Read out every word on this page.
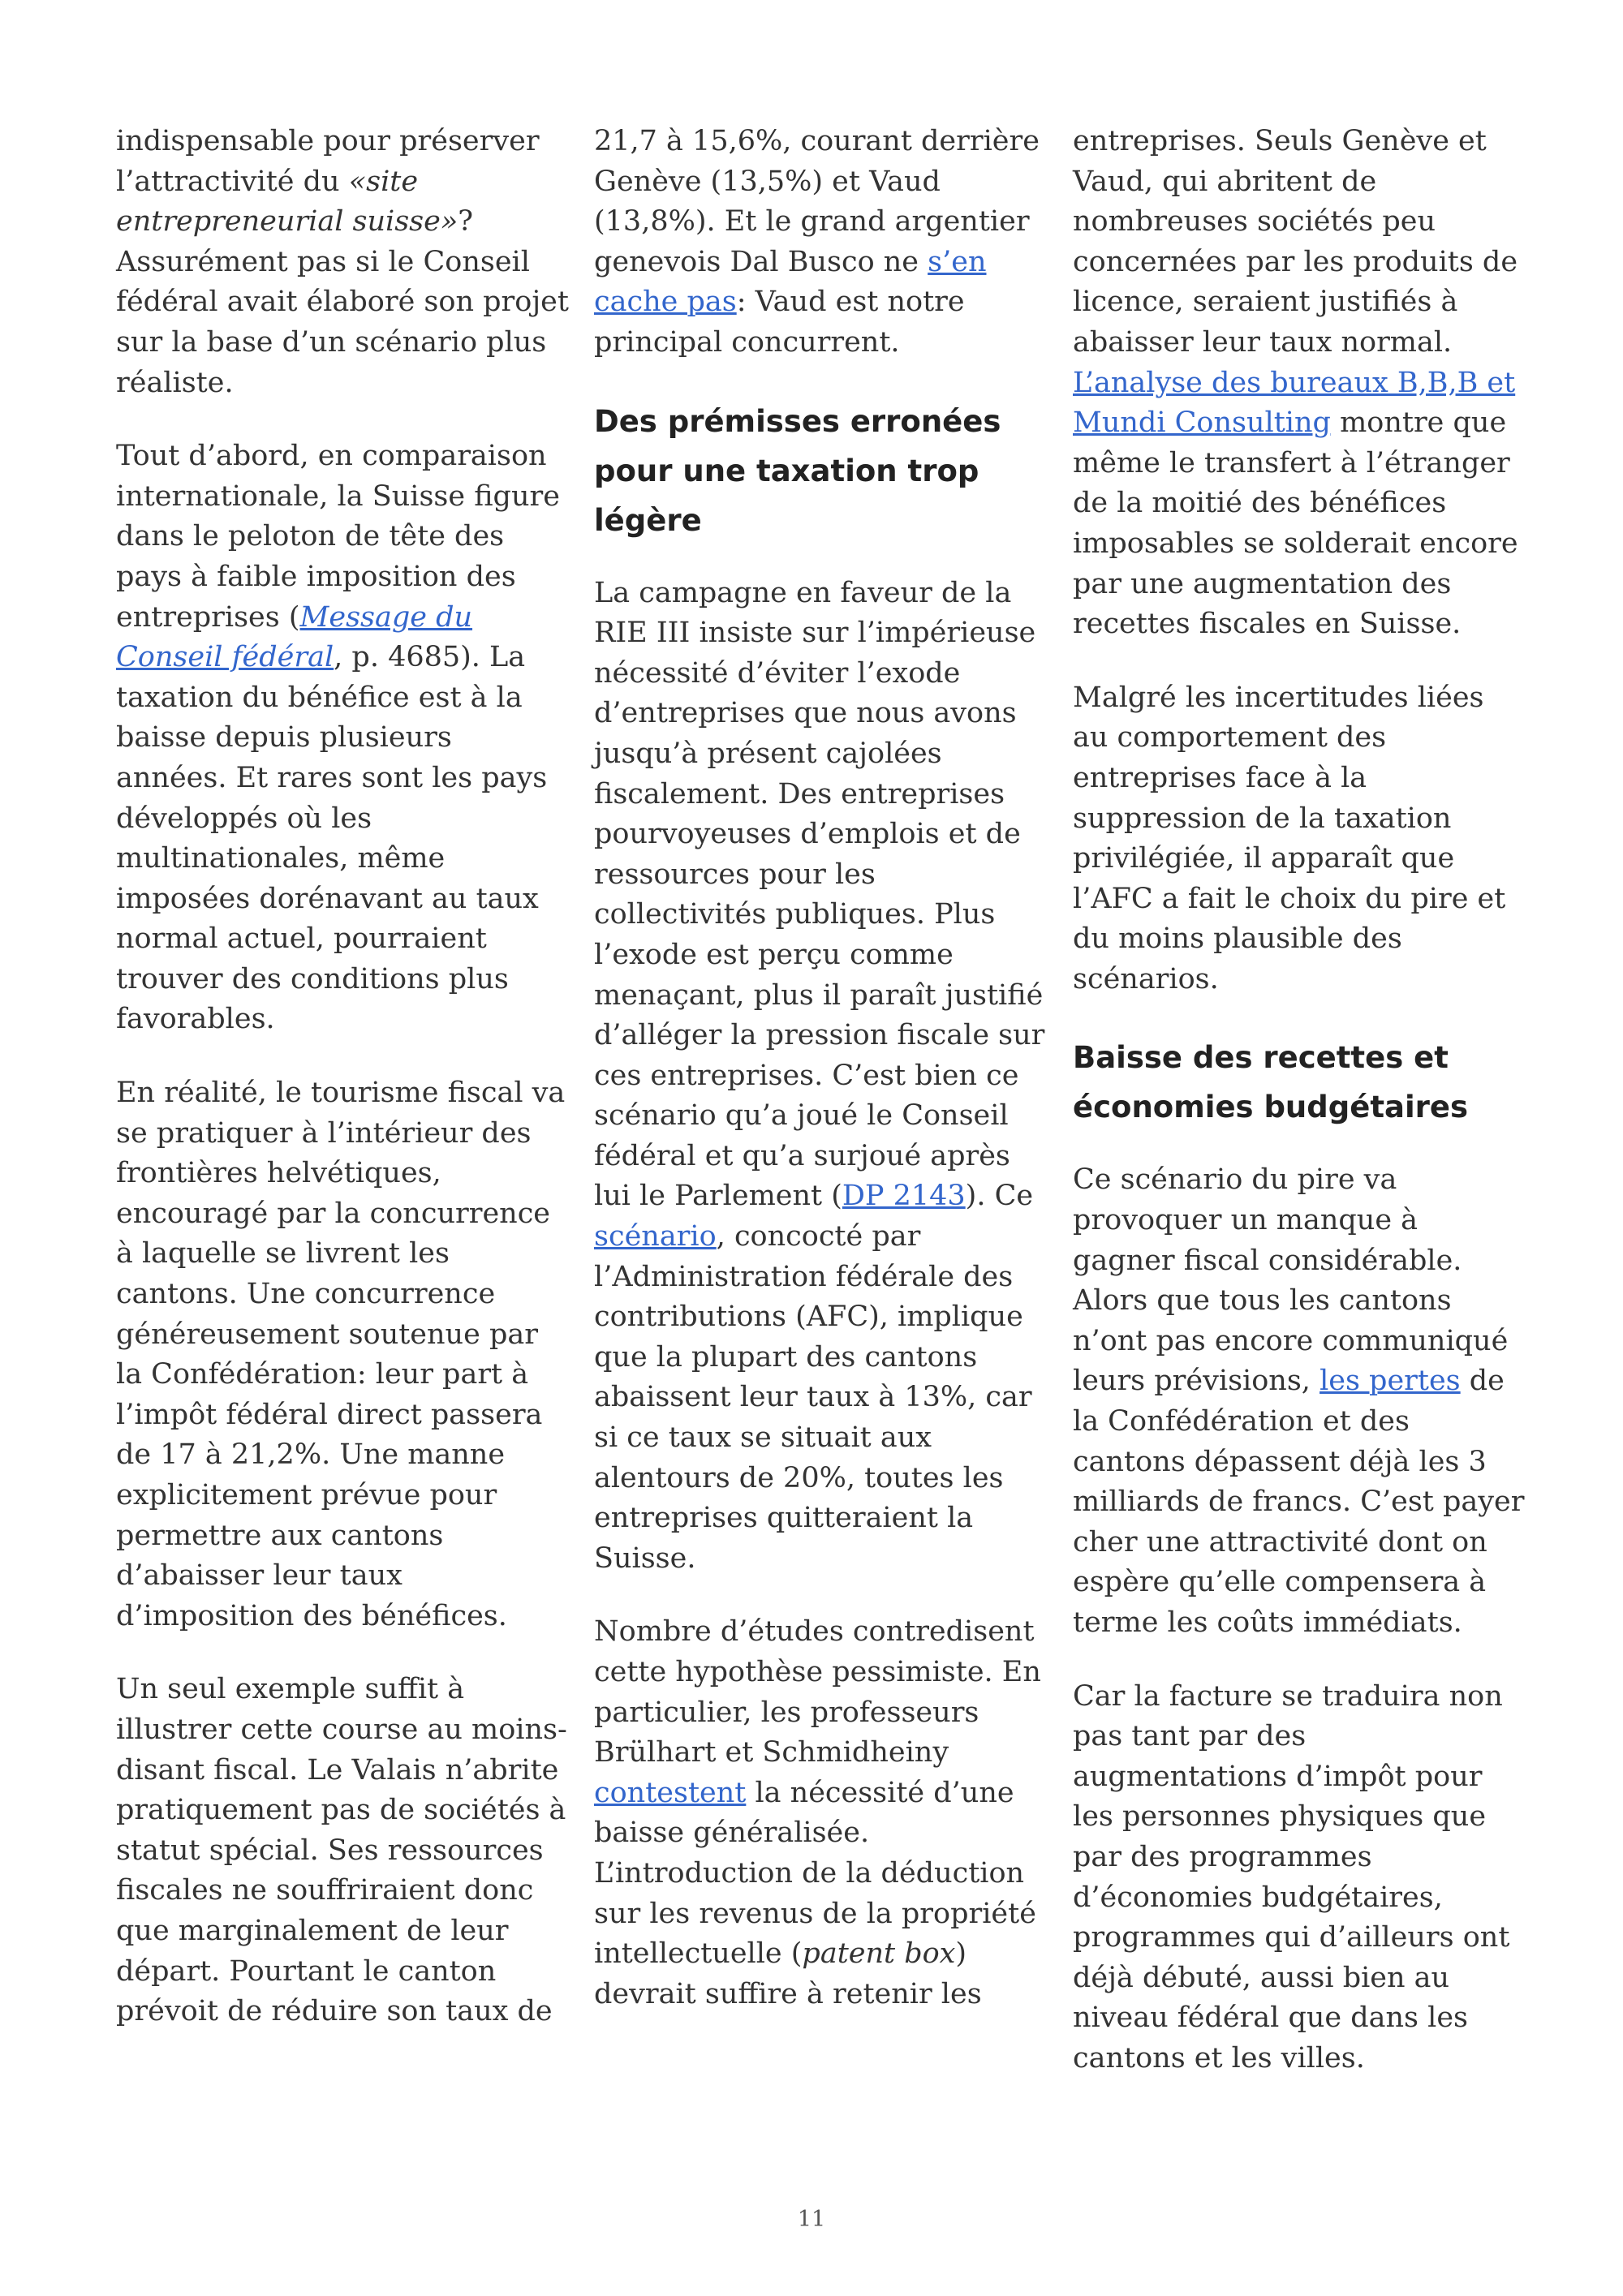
indispensable pour préserver l’attractivité du «site entrepreneurial suisse»? Assurément pas si le Conseil fédéral avait élaboré son projet sur la base d’un scénario plus réaliste.

Tout d’abord, en comparaison internationale, la Suisse figure dans le peloton de tête des pays à faible imposition des entreprises (Message du Conseil fédéral, p. 4685). La taxation du bénéfice est à la baisse depuis plusieurs années. Et rares sont les pays développés où les multinationales, même imposées dorénavant au taux normal actuel, pourraient trouver des conditions plus favorables.

En réalité, le tourisme fiscal va se pratiquer à l’intérieur des frontières helvétiques, encouragé par la concurrence à laquelle se livrent les cantons. Une concurrence généreusement soutenue par la Confédération: leur part à l’impôt fédéral direct passera de 17 à 21,2%. Une manne explicitement prévue pour permettre aux cantons d’abaisser leur taux d’imposition des bénéfices.

Un seul exemple suffit à illustrer cette course au moins-disant fiscal. Le Valais n’abrite pratiquement pas de sociétés à statut spécial. Ses ressources fiscales ne souffriraient donc que marginalement de leur départ. Pourtant le canton prévoit de réduire son taux de

21,7 à 15,6%, courant derrière Genève (13,5%) et Vaud (13,8%). Et le grand argentier genevois Dal Busco ne s’en cache pas: Vaud est notre principal concurrent.

Des prémisses erronées pour une taxation trop légère

La campagne en faveur de la RIE III insiste sur l’impérieuse nécessité d’éviter l’exode d’entreprises que nous avons jusqu’à présent cajolées fiscalement. Des entreprises pourvoyeuses d’emplois et de ressources pour les collectivités publiques. Plus l’exode est perçu comme menaçant, plus il paraît justifié d’alléger la pression fiscale sur ces entreprises. C’est bien ce scénario qu’a joué le Conseil fédéral et qu’a surjoué après lui le Parlement (DP 2143). Ce scénario, concocté par l’Administration fédérale des contributions (AFC), implique que la plupart des cantons abaissent leur taux à 13%, car si ce taux se situait aux alentours de 20%, toutes les entreprises quitteraient la Suisse.

Nombre d’études contredisent cette hypothèse pessimiste. En particulier, les professeurs Brülhart et Schmidheiny contestent la nécessité d’une baisse généralisée. L’introduction de la déduction sur les revenus de la propriété intellectuelle (patent box) devrait suffire à retenir les

entreprises. Seuls Genève et Vaud, qui abritent de nombreuses sociétés peu concernées par les produits de licence, seraient justifiés à abaisser leur taux normal. L’analyse des bureaux B,B,B et Mundi Consulting montre que même le transfert à l’étranger de la moitié des bénéfices imposables se solderait encore par une augmentation des recettes fiscales en Suisse.

Malgré les incertitudes liées au comportement des entreprises face à la suppression de la taxation privilégiée, il apparaît que l’AFC a fait le choix du pire et du moins plausible des scénarios.

Baisse des recettes et économies budgétaires

Ce scénario du pire va provoquer un manque à gagner fiscal considérable. Alors que tous les cantons n’ont pas encore communiqué leurs prévisions, les pertes de la Confédération et des cantons dépassent déjà les 3 milliards de francs. C’est payer cher une attractivité dont on espère qu’elle compensera à terme les coûts immédiats.

Car la facture se traduira non pas tant par des augmentations d’impôt pour les personnes physiques que par des programmes d’économies budgétaires, programmes qui d’ailleurs ont déjà débuté, aussi bien au niveau fédéral que dans les cantons et les villes.

11
